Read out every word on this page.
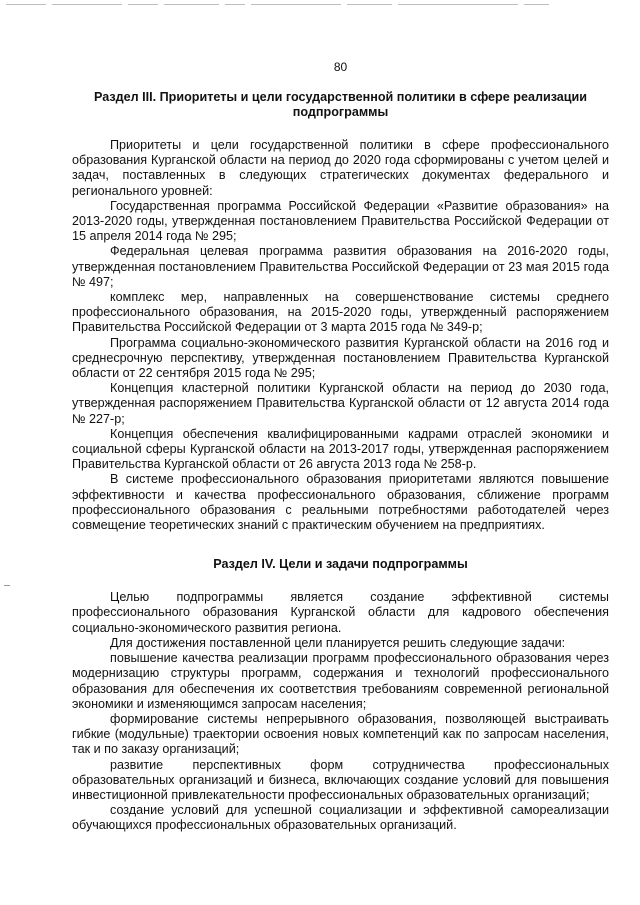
80
Раздел III. Приоритеты и цели государственной политики в сфере реализации подпрограммы

Приоритеты и цели государственной политики в сфере профессионального образования Курганской области на период до 2020 года сформированы с учетом целей и задач, поставленных в следующих стратегических документах федерального и регионального уровней:

Государственная программа Российской Федерации «Развитие образования» на 2013-2020 годы, утвержденная постановлением Правительства Российской Федерации от 15 апреля 2014 года № 295;

Федеральная целевая программа развития образования на 2016-2020 годы, утвержденная постановлением Правительства Российской Федерации от 23 мая 2015 года № 497;

комплекс мер, направленных на совершенствование системы среднего профессионального образования, на 2015-2020 годы, утвержденный распоряжением Правительства Российской Федерации от 3 марта 2015 года № 349-р;

Программа социально-экономического развития Курганской области на 2016 год и среднесрочную перспективу, утвержденная постановлением Правительства Курганской области от 22 сентября 2015 года № 295;

Концепция кластерной политики Курганской области на период до 2030 года, утвержденная распоряжением Правительства Курганской области от 12 августа 2014 года № 227-р;

Концепция обеспечения квалифицированными кадрами отраслей экономики и социальной сферы Курганской области на 2013-2017 годы, утвержденная распоряжением Правительства Курганской области от 26 августа 2013 года № 258-р.

В системе профессионального образования приоритетами являются повышение эффективности и качества профессионального образования, сближение программ профессионального образования с реальными потребностями работодателей через совмещение теоретических знаний с практическим обучением на предприятиях.

Раздел IV. Цели и задачи подпрограммы

Целью подпрограммы является создание эффективной системы профессионального образования Курганской области для кадрового обеспечения социально-экономического развития региона.

Для достижения поставленной цели планируется решить следующие задачи:

повышение качества реализации программ профессионального образования через модернизацию структуры программ, содержания и технологий профессионального образования для обеспечения их соответствия требованиям современной региональной экономики и изменяющимся запросам населения;

формирование системы непрерывного образования, позволяющей выстраивать гибкие (модульные) траектории освоения новых компетенций как по запросам населения, так и по заказу организаций;

развитие перспективных форм сотрудничества профессиональных образовательных организаций и бизнеса, включающих создание условий для повышения инвестиционной привлекательности профессиональных образовательных организаций;

создание условий для успешной социализации и эффективной самореализации обучающихся профессиональных образовательных организаций.
